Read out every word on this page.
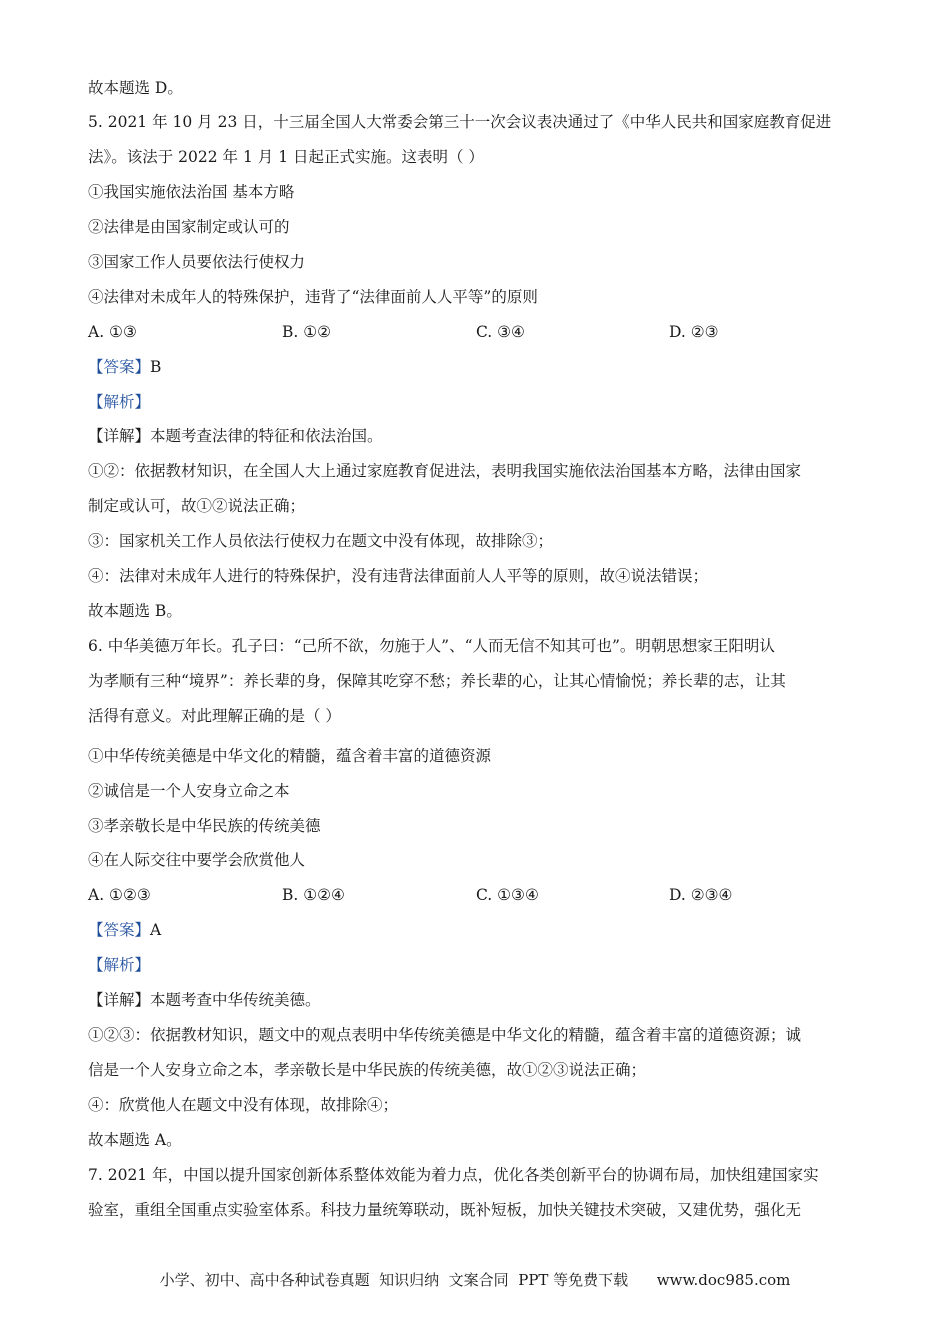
故本题选 D。
5. 2021 年 10 月 23 日，十三届全国人大常委会第三十一次会议表决通过了《中华人民共和国家庭教育促进
法》。该法于 2022 年 1 月 1 日起正式实施。这表明（ ）
①我国实施依法治国 基本方略
②法律是由国家制定或认可的
③国家工作人员要依法行使权力
④法律对未成年人的特殊保护，违背了“法律面前人人平等”的原则
A. ①③	B. ①②	C. ③④	D. ②③
【答案】B
【解析】
【详解】本题考查法律的特征和依法治国。
①②：依据教材知识，在全国人大上通过家庭教育促进法，表明我国实施依法治国基本方略，法律由国家
制定或认可，故①②说法正确；
③：国家机关工作人员依法行使权力在题文中没有体现，故排除③；
④：法律对未成年人进行的特殊保护，没有违背法律面前人人平等的原则，故④说法错误；
故本题选 B。
6. 中华美德万年长。孔子曰：“己所不欲，勿施于人”、“人而无信不知其可也”。明朝思想家王阳明认
为孝顺有三种“境界”：养长辈的身，保障其吃穿不愁；养长辈的心，让其心情愉悦；养长辈的志，让其
活得有意义。对此理解正确的是（ ）
①中华传统美德是中华文化的精髓，蕴含着丰富的道德资源
②诚信是一个人安身立命之本
③孝亲敬长是中华民族的传统美德
④在人际交往中要学会欣赏他人
A. ①②③	B. ①②④	C. ①③④	D. ②③④
【答案】A
【解析】
【详解】本题考查中华传统美德。
①②③：依据教材知识，题文中的观点表明中华传统美德是中华文化的精髓，蕴含着丰富的道德资源；诚
信是一个人安身立命之本，孝亲敬长是中华民族的传统美德，故①②③说法正确；
④：欣赏他人在题文中没有体现，故排除④；
故本题选 A。
7. 2021 年，中国以提升国家创新体系整体效能为着力点，优化各类创新平台的协调布局，加快组建国家实
验室，重组全国重点实验室体系。科技力量统筹联动，既补短板，加快关键技术突破，又建优势，强化无
小学、初中、高中各种试卷真题  知识归纳  文案合同  PPT 等免费下载      www.doc985.com
